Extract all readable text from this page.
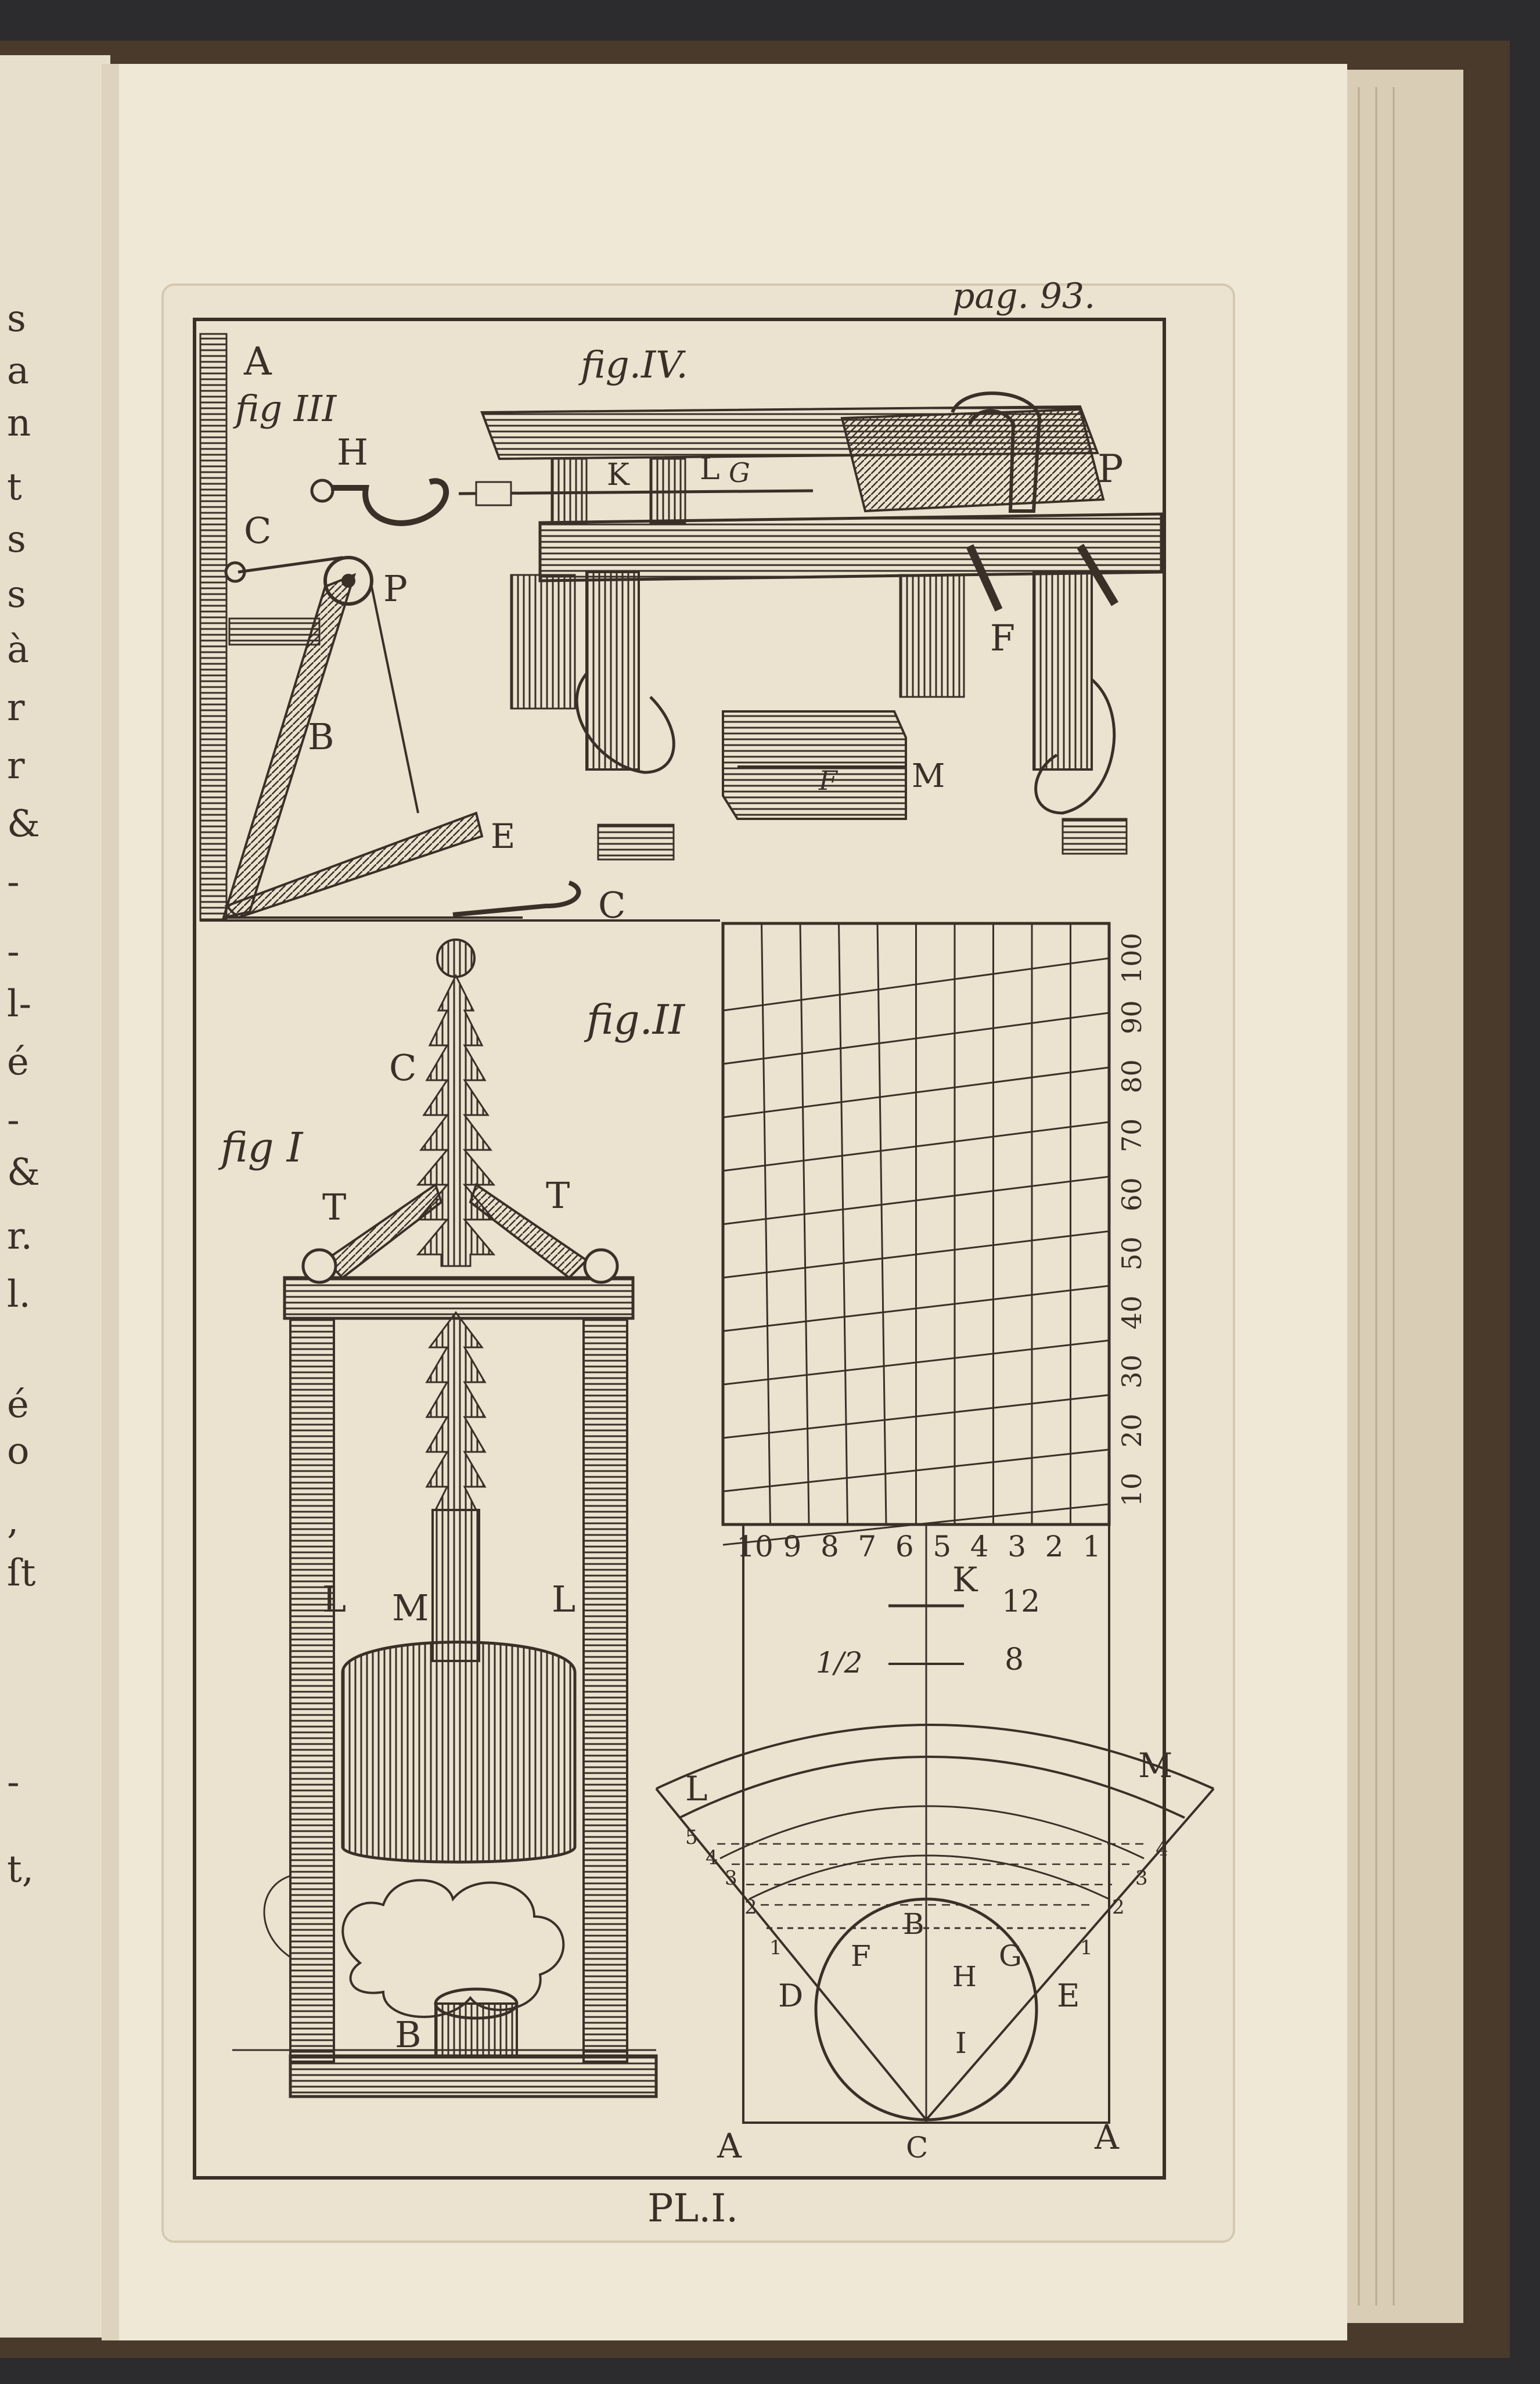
s
a
n
t
s
s
à
r
r
&
-
-
l-
é
-
&
r.
l.
é
o
,
ſt
-
t,
pag. 93.
A
fig III
H
C
P
B
E
C
fig.IV.
K L G	P
F
F M
fig I
C
T	T
M
L	L
B
fig.II
10
20
30
40
50
60
70
80
90
100
10 9 8 7 6 5 4 3 2 1
K
12
1/2	8
L
M
B
F	G
H
D	E
I
A	C	A
1
2
3
4
5
1
2
3
4
PL.I.
